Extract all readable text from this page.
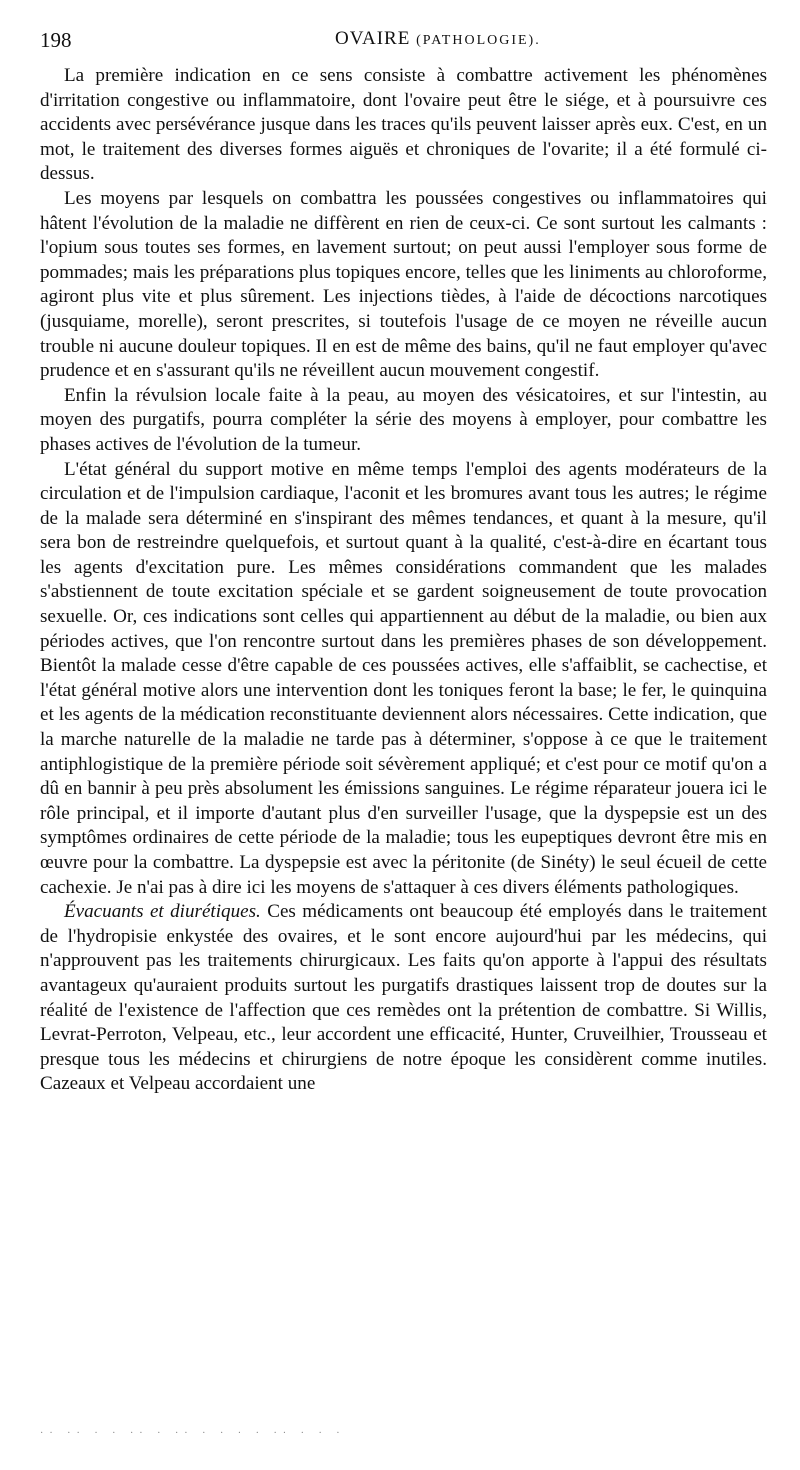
198	OVAIRE (PATHOLOGIE).

La première indication en ce sens consiste à combattre activement les phénomènes d'irritation congestive ou inflammatoire, dont l'ovaire peut être le siége, et à poursuivre ces accidents avec persévérance jusque dans les traces qu'ils peuvent laisser après eux. C'est, en un mot, le traitement des diverses formes aiguës et chroniques de l'ovarite; il a été formulé ci-dessus.

Les moyens par lesquels on combattra les poussées congestives ou inflammatoires qui hâtent l'évolution de la maladie ne diffèrent en rien de ceux-ci. Ce sont surtout les calmants : l'opium sous toutes ses formes, en lavement surtout; on peut aussi l'employer sous forme de pommades; mais les préparations plus topiques encore, telles que les liniments au chloroforme, agiront plus vite et plus sûrement. Les injections tièdes, à l'aide de décoctions narcotiques (jusquiame, morelle), seront prescrites, si toutefois l'usage de ce moyen ne réveille aucun trouble ni aucune douleur topiques. Il en est de même des bains, qu'il ne faut employer qu'avec prudence et en s'assurant qu'ils ne réveillent aucun mouvement congestif.

Enfin la révulsion locale faite à la peau, au moyen des vésicatoires, et sur l'intestin, au moyen des purgatifs, pourra compléter la série des moyens à employer, pour combattre les phases actives de l'évolution de la tumeur.

L'état général du support motive en même temps l'emploi des agents modérateurs de la circulation et de l'impulsion cardiaque, l'aconit et les bromures avant tous les autres; le régime de la malade sera déterminé en s'inspirant des mêmes tendances, et quant à la mesure, qu'il sera bon de restreindre quelquefois, et surtout quant à la qualité, c'est-à-dire en écartant tous les agents d'excitation pure. Les mêmes considérations commandent que les malades s'abstiennent de toute excitation spéciale et se gardent soigneusement de toute provocation sexuelle. Or, ces indications sont celles qui appartiennent au début de la maladie, ou bien aux périodes actives, que l'on rencontre surtout dans les premières phases de son développement. Bientôt la malade cesse d'être capable de ces poussées actives, elle s'affaiblit, se cachectise, et l'état général motive alors une intervention dont les toniques feront la base; le fer, le quinquina et les agents de la médication reconstituante deviennent alors nécessaires. Cette indication, que la marche naturelle de la maladie ne tarde pas à déterminer, s'oppose à ce que le traitement antiphlogistique de la première période soit sévèrement appliqué; et c'est pour ce motif qu'on a dû en bannir à peu près absolument les émissions sanguines. Le régime réparateur jouera ici le rôle principal, et il importe d'autant plus d'en surveiller l'usage, que la dyspepsie est un des symptômes ordinaires de cette période de la maladie; tous les eupeptiques devront être mis en œuvre pour la combattre. La dyspepsie est avec la péritonite (de Sinéty) le seul écueil de cette cachexie. Je n'ai pas à dire ici les moyens de s'attaquer à ces divers éléments pathologiques.

Évacuants et diurétiques. Ces médicaments ont beaucoup été employés dans le traitement de l'hydropisie enkystée des ovaires, et le sont encore aujourd'hui par les médecins, qui n'approuvent pas les traitements chirurgicaux. Les faits qu'on apporte à l'appui des résultats avantageux qu'auraient produits surtout les purgatifs drastiques laissent trop de doutes sur la réalité de l'existence de l'affection que ces remèdes ont la prétention de combattre. Si Willis, Levrat-Perroton, Velpeau, etc., leur accordent une efficacité, Hunter, Cruveilhier, Trousseau et presque tous les médecins et chirurgiens de notre époque les considèrent comme inutiles. Cazeaux et Velpeau accordaient une

·· ·· · · ·· · ·· · · · · ·· · · ·
